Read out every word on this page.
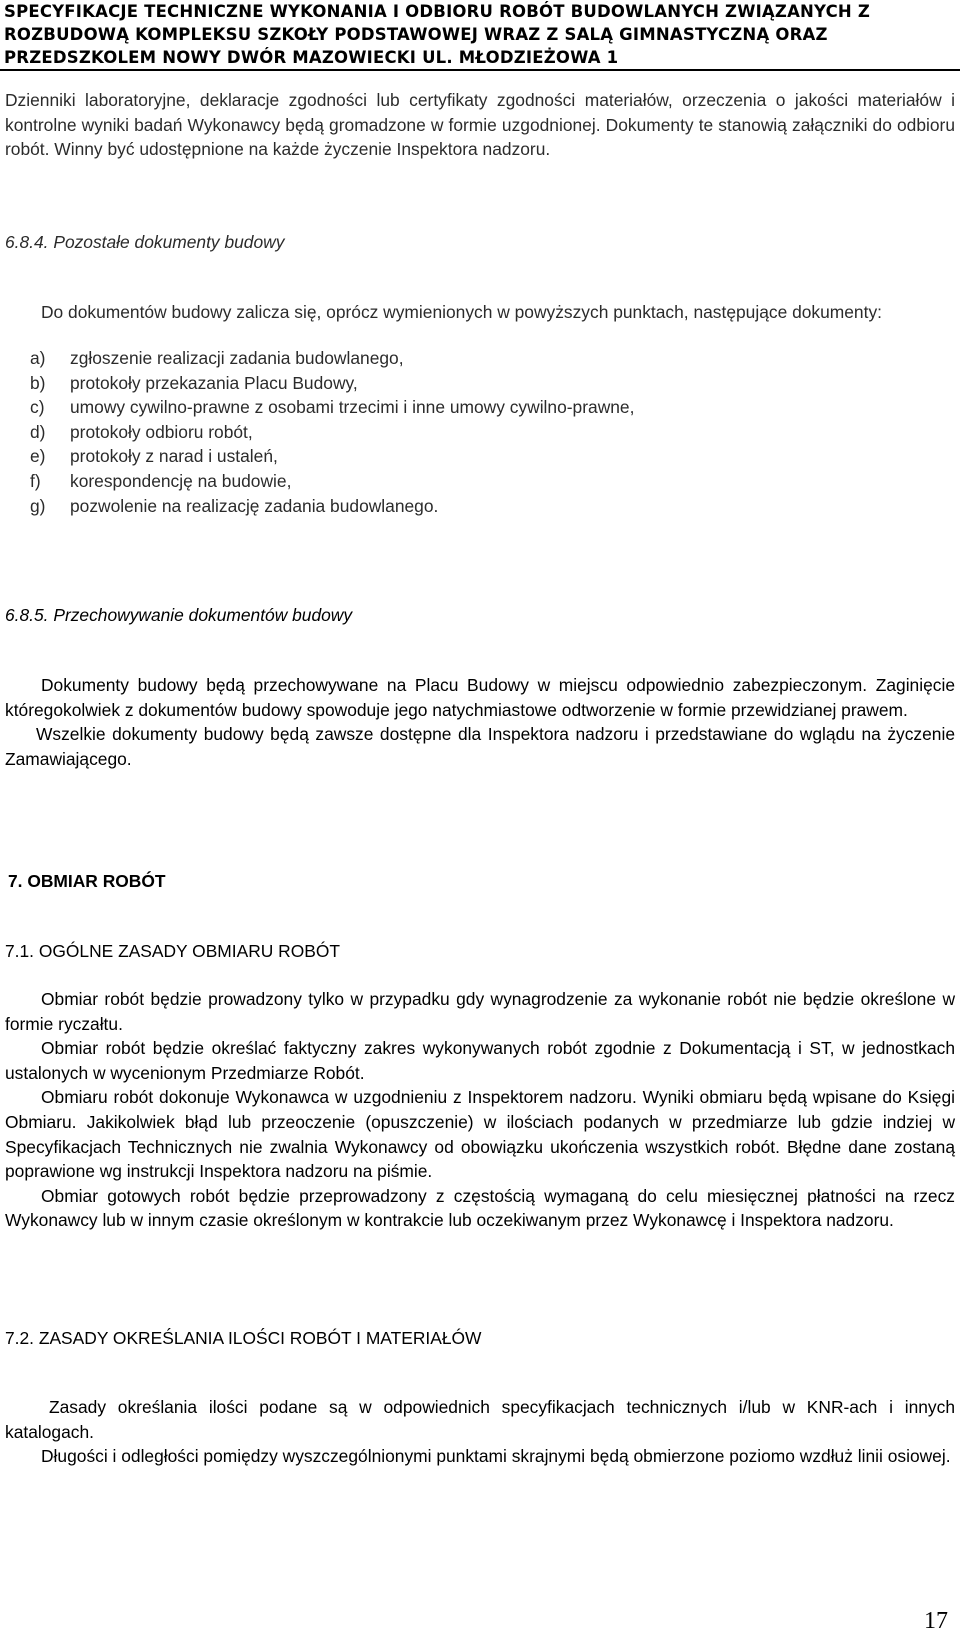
SPECYFIKACJE TECHNICZNE WYKONANIA I ODBIORU ROBÓT BUDOWLANYCH ZWIĄZANYCH Z
ROZBUDOWĄ KOMPLEKSU SZKOŁY PODSTAWOWEJ WRAZ Z SALĄ GIMNASTYCZNĄ ORAZ
PRZEDSZKOLEM NOWY DWÓR MAZOWIECKI UL. MŁODZIEŻOWA 1

Dzienniki laboratoryjne, deklaracje zgodności lub certyfikaty zgodności materiałów, orzeczenia o jakości materiałów i kontrolne wyniki badań Wykonawcy będą gromadzone w formie uzgodnionej. Dokumenty te stanowią załączniki do odbioru robót. Winny być udostępnione na każde życzenie Inspektora nadzoru.

6.8.4. Pozostałe dokumenty budowy

Do dokumentów budowy zalicza się, oprócz wymienionych w powyższych punktach, następujące dokumenty:

a)	zgłoszenie realizacji zadania budowlanego,
b)	protokoły przekazania Placu Budowy,
c)	umowy cywilno-prawne z osobami trzecimi i inne umowy cywilno-prawne,
d)	protokoły odbioru robót,
e)	protokoły z narad i ustaleń,
f)	korespondencję na budowie,
g)	pozwolenie na realizację zadania budowlanego.
6.8.5. Przechowywanie dokumentów budowy

Dokumenty budowy będą przechowywane na Placu Budowy w miejscu odpowiednio zabezpieczonym. Zaginięcie któregokolwiek z dokumentów budowy spowoduje jego natychmiastowe odtworzenie w formie przewidzianej prawem.

Wszelkie dokumenty budowy będą zawsze dostępne dla Inspektora nadzoru i przedstawiane do wglądu na życzenie Zamawiającego.

7. OBMIAR ROBÓT
7.1. OGÓLNE ZASADY OBMIARU ROBÓT

Obmiar robót będzie prowadzony tylko w przypadku gdy wynagrodzenie za wykonanie robót nie będzie określone w formie ryczałtu.

Obmiar robót będzie określać faktyczny zakres wykonywanych robót zgodnie z Dokumentacją i ST, w jednostkach ustalonych w wycenionym Przedmiarze Robót.

Obmiaru robót dokonuje Wykonawca w uzgodnieniu z Inspektorem nadzoru. Wyniki obmiaru będą wpisane do Księgi Obmiaru. Jakikolwiek błąd lub przeoczenie (opuszczenie) w ilościach podanych w przedmiarze lub gdzie indziej w Specyfikacjach Technicznych nie zwalnia Wykonawcy od obowiązku ukończenia wszystkich robót. Błędne dane zostaną poprawione wg instrukcji Inspektora nadzoru na piśmie.

Obmiar gotowych robót będzie przeprowadzony z częstością wymaganą do celu miesięcznej płatności na rzecz Wykonawcy lub w innym czasie określonym w kontrakcie lub oczekiwanym przez Wykonawcę i Inspektora nadzoru.

7.2. ZASADY OKREŚLANIA ILOŚCI ROBÓT I MATERIAŁÓW

Zasady określania ilości podane są w odpowiednich specyfikacjach technicznych i/lub w KNR-ach i innych katalogach.

Długości i odległości pomiędzy wyszczególnionymi punktami skrajnymi będą obmierzone poziomo wzdłuż linii osiowej.

17
